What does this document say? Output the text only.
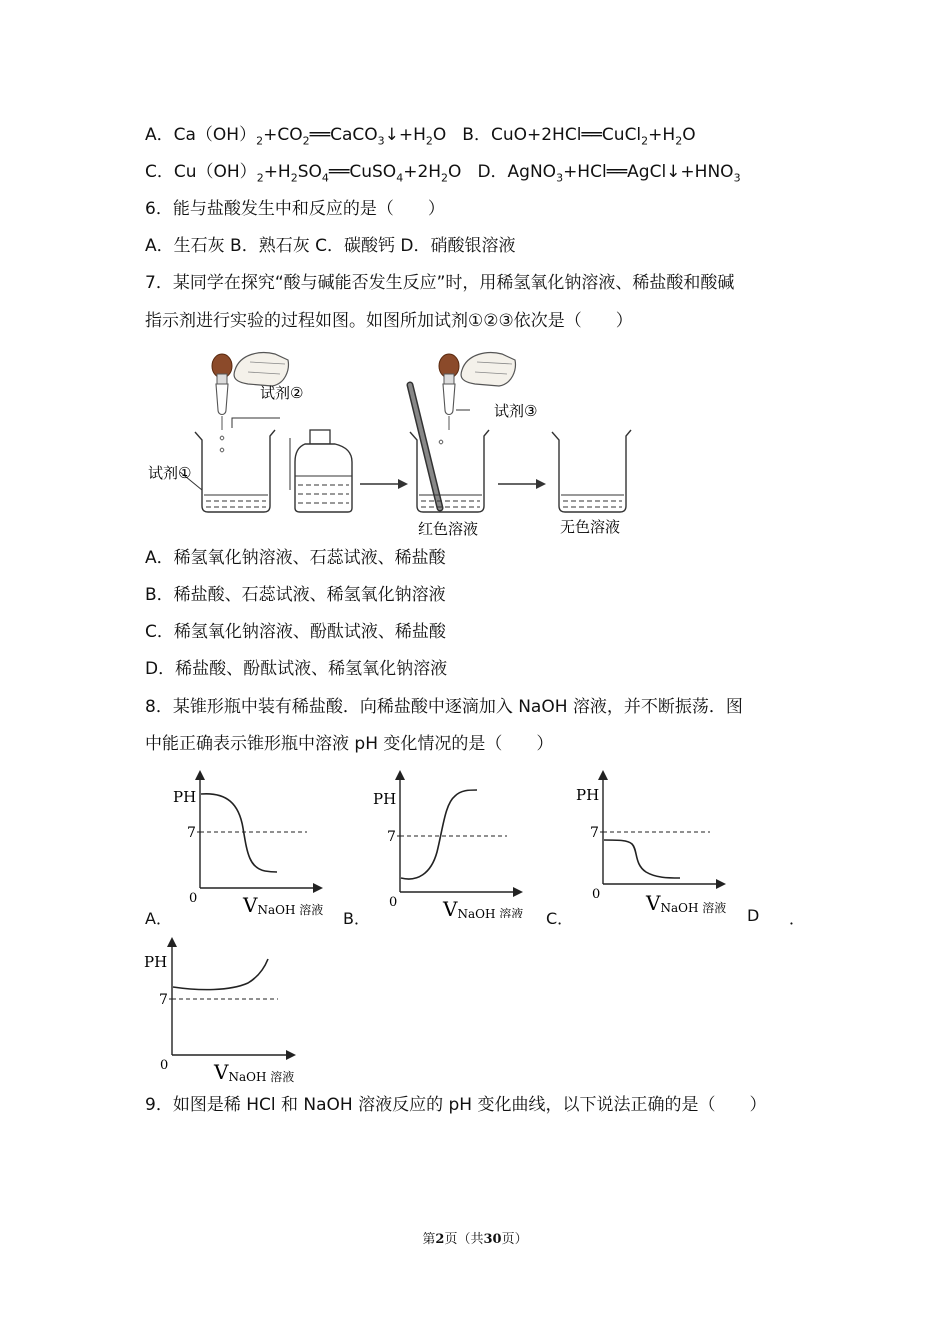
A．$Ca(OH)_2+CO_2══CaCO_3↓+H_2O$ B．$CuO+2HCl══CuCl_2+H_2O$
C．$Cu(OH)_2+H_2SO_4══CuSO_4+2H_2O$ D．$AgNO_3+HCl══AgCl↓+HNO_3$
6．能与盐酸发生中和反应的是（　　）
A．生石灰 B．熟石灰 C．碳酸钙 D．硝酸银溶液
7．某同学在探究“酸与碱能否发生反应”时，用稀氢氧化钠溶液、稀盐酸和酸碱
指示剂进行实验的过程如图。如图所加试剂①②③依次是（　　）
试剂①
试剂②
试剂③
红色溶液	无色溶液
A．稀氢氧化钠溶液、石蕊试液、稀盐酸
B．稀盐酸、石蕊试液、稀氢氧化钠溶液
C．稀氢氧化钠溶液、酚酞试液、稀盐酸
D．稀盐酸、酚酞试液、稀氢氧化钠溶液
8．某锥形瓶中装有稀盐酸．向稀盐酸中逐滴加入 NaOH 溶液，并不断振荡．图
中能正确表示锥形瓶中溶液 pH 变化情况的是（　　）
PH
7
0 VNaOH 溶液
A．
PH
7
0 VNaOH 溶液
B．
PH
7
0 VNaOH 溶液
C．	D ．
PH
7
0 VNaOH 溶液
9．如图是稀 HCl 和 NaOH 溶液反应的 pH 变化曲线，以下说法正确的是（　　）
第2页（共30页）
